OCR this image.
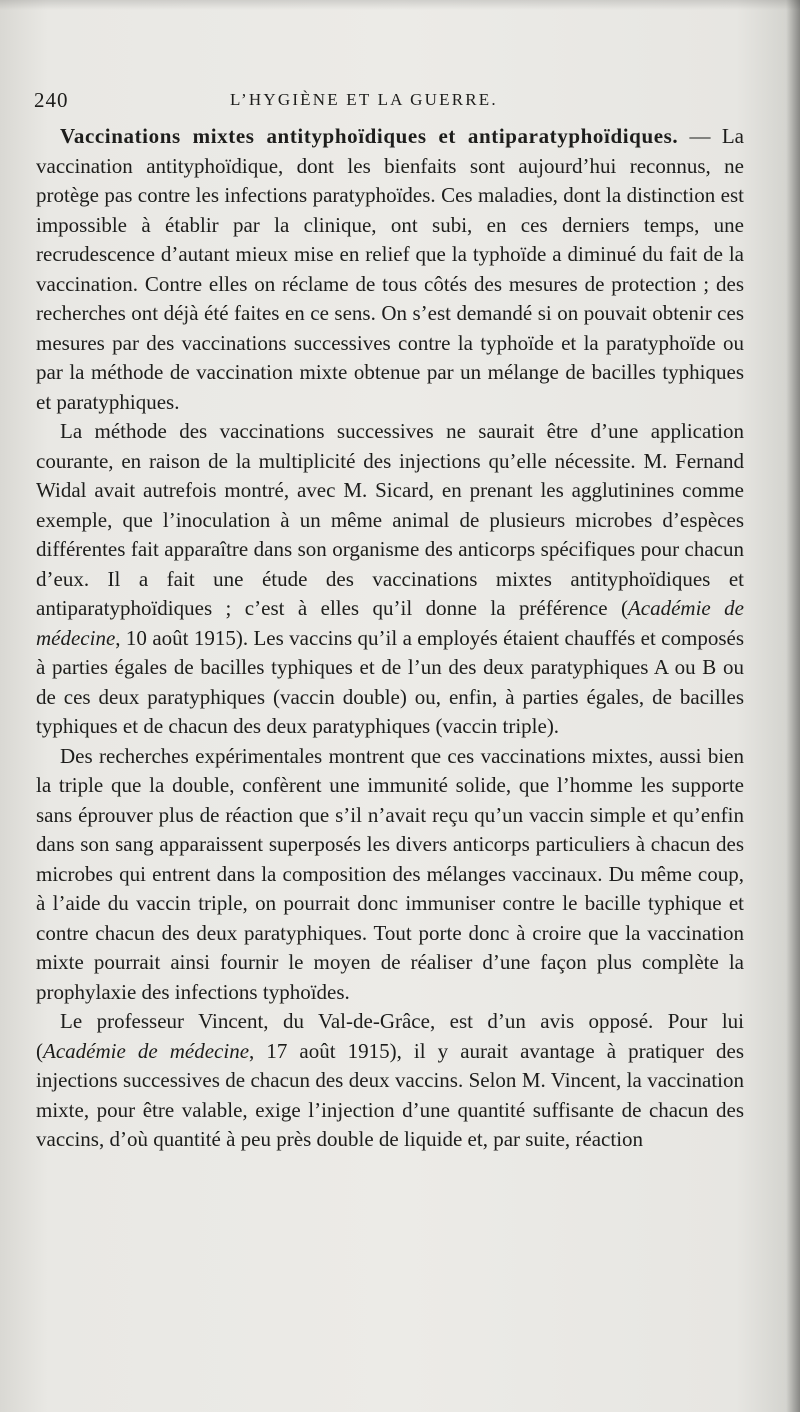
240	L’HYGIÈNE ET LA GUERRE.

Vaccinations mixtes antityphoïdiques et antiparatyphoïdiques. — La vaccination antityphoïdique, dont les bienfaits sont aujourd’hui reconnus, ne protège pas contre les infections paratyphoïdes. Ces maladies, dont la distinction est impossible à établir par la clinique, ont subi, en ces derniers temps, une recrudescence d’autant mieux mise en relief que la typhoïde a diminué du fait de la vaccination. Contre elles on réclame de tous côtés des mesures de protection ; des recherches ont déjà été faites en ce sens. On s’est demandé si on pouvait obtenir ces mesures par des vaccinations successives contre la typhoïde et la paratyphoïde ou par la méthode de vaccination mixte obtenue par un mélange de bacilles typhiques et paratyphiques.

La méthode des vaccinations successives ne saurait être d’une application courante, en raison de la multiplicité des injections qu’elle nécessite. M. Fernand Widal avait autrefois montré, avec M. Sicard, en prenant les agglutinines comme exemple, que l’inoculation à un même animal de plusieurs microbes d’espèces différentes fait apparaître dans son organisme des anticorps spécifiques pour chacun d’eux. Il a fait une étude des vaccinations mixtes antityphoïdiques et antiparatyphoïdiques ; c’est à elles qu’il donne la préférence (Académie de médecine, 10 août 1915). Les vaccins qu’il a employés étaient chauffés et composés à parties égales de bacilles typhiques et de l’un des deux paratyphiques A ou B ou de ces deux paratyphiques (vaccin double) ou, enfin, à parties égales, de bacilles typhiques et de chacun des deux paratyphiques (vaccin triple).

Des recherches expérimentales montrent que ces vaccinations mixtes, aussi bien la triple que la double, confèrent une immunité solide, que l’homme les supporte sans éprouver plus de réaction que s’il n’avait reçu qu’un vaccin simple et qu’enfin dans son sang apparaissent superposés les divers anticorps particuliers à chacun des microbes qui entrent dans la composition des mélanges vaccinaux. Du même coup, à l’aide du vaccin triple, on pourrait donc immuniser contre le bacille typhique et contre chacun des deux paratyphiques. Tout porte donc à croire que la vaccination mixte pourrait ainsi fournir le moyen de réaliser d’une façon plus complète la prophylaxie des infections typhoïdes.

Le professeur Vincent, du Val-de-Grâce, est d’un avis opposé. Pour lui (Académie de médecine, 17 août 1915), il y aurait avantage à pratiquer des injections successives de chacun des deux vaccins. Selon M. Vincent, la vaccination mixte, pour être valable, exige l’injection d’une quantité suffisante de chacun des vaccins, d’où quantité à peu près double de liquide et, par suite, réaction
